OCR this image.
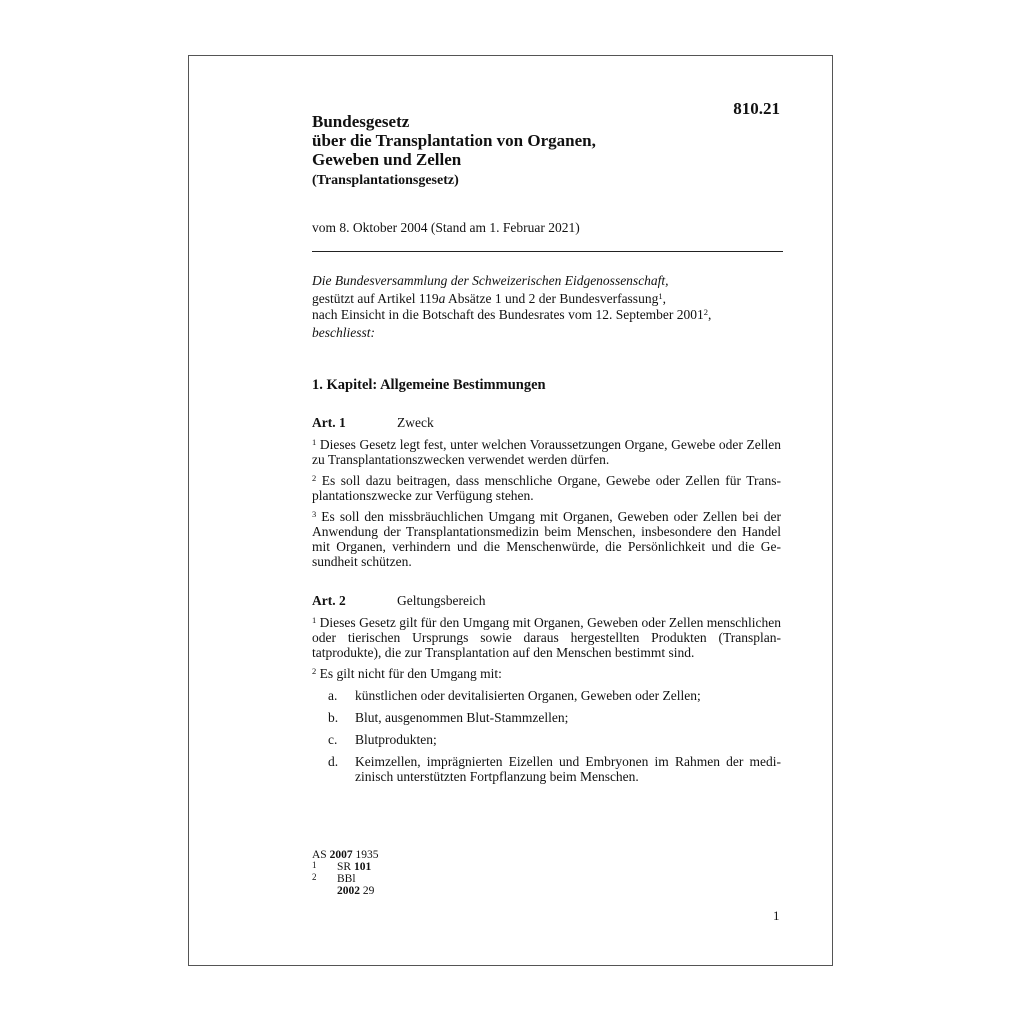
810.21
Bundesgesetz
über die Transplantation von Organen,
Geweben und Zellen
(Transplantationsgesetz)
vom 8. Oktober 2004 (Stand am 1. Februar 2021)
Die Bundesversammlung der Schweizerischen Eidgenossenschaft,
gestützt auf Artikel 119a Absätze 1 und 2 der Bundesverfassung$^1$,
nach Einsicht in die Botschaft des Bundesrates vom 12. September 2001$^2$,
beschliesst:
1. Kapitel: Allgemeine Bestimmungen
Art. 1	Zweck
$^1$ Dieses Gesetz legt fest, unter welchen Voraussetzungen Organe, Gewebe oder Zellen zu Transplantationszwecken verwendet werden dürfen.
$^2$ Es soll dazu beitragen, dass menschliche Organe, Gewebe oder Zellen für Transplantationszwecke zur Verfügung stehen.
$^3$ Es soll den missbräuchlichen Umgang mit Organen, Geweben oder Zellen bei der Anwendung der Transplantationsmedizin beim Menschen, insbesondere den Handel mit Organen, verhindern und die Menschenwürde, die Persönlichkeit und die Gesundheit schützen.
Art. 2	Geltungsbereich
$^1$ Dieses Gesetz gilt für den Umgang mit Organen, Geweben oder Zellen menschlichen oder tierischen Ursprungs sowie daraus hergestellten Produkten (Transplantatprodukte), die zur Transplantation auf den Menschen bestimmt sind.
$^2$ Es gilt nicht für den Umgang mit:
a. künstlichen oder devitalisierten Organen, Geweben oder Zellen;
b. Blut, ausgenommen Blut-Stammzellen;
c. Blutprodukten;
d. Keimzellen, imprägnierten Eizellen und Embryonen im Rahmen der medizinisch unterstützten Fortpflanzung beim Menschen.
AS 2007 1935
1 SR 101
2 BBl 2002 29
1
